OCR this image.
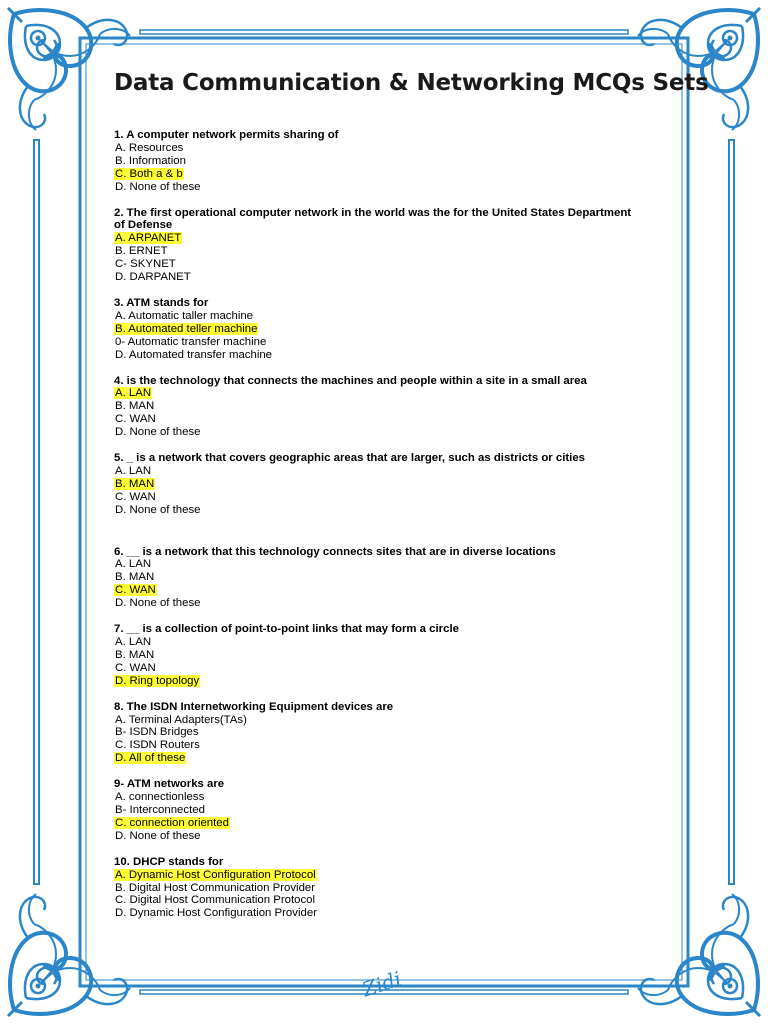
Data Communication & Networking MCQs Sets
1. A computer network permits sharing of
A. Resources
B. Information
C. Both a & b
D. None of these
2. The first operational computer network in the world was the for the United States Department of Defense
A. ARPANET
B. ERNET
C- SKYNET
D. DARPANET
3. ATM stands for
A. Automatic taller machine
B. Automated teller machine
0- Automatic transfer machine
D. Automated transfer machine
4. is the technology that connects the machines and people within a site in a small area
A. LAN
B. MAN
C. WAN
D. None of these
5. _ is a network that covers geographic areas that are larger, such as districts or cities
A. LAN
B. MAN
C. WAN
D. None of these
6. __ is a network that this technology connects sites that are in diverse locations
A. LAN
B. MAN
C. WAN
D. None of these
7. __ is a collection of point-to-point links that may form a circle
A. LAN
B. MAN
C. WAN
D. Ring topology
8. The ISDN Internetworking Equipment devices are
A. Terminal Adapters(TAs)
B- ISDN Bridges
C. ISDN Routers
D. All of these
9- ATM networks are
A. connectionless
B- Interconnected
C. connection oriented
D. None of these
10. DHCP stands for
A. Dynamic Host Configuration Protocol
B. Digital Host Communication Provider
C. Digital Host Communication Protocol
D. Dynamic Host Configuration Provider
Zidi
